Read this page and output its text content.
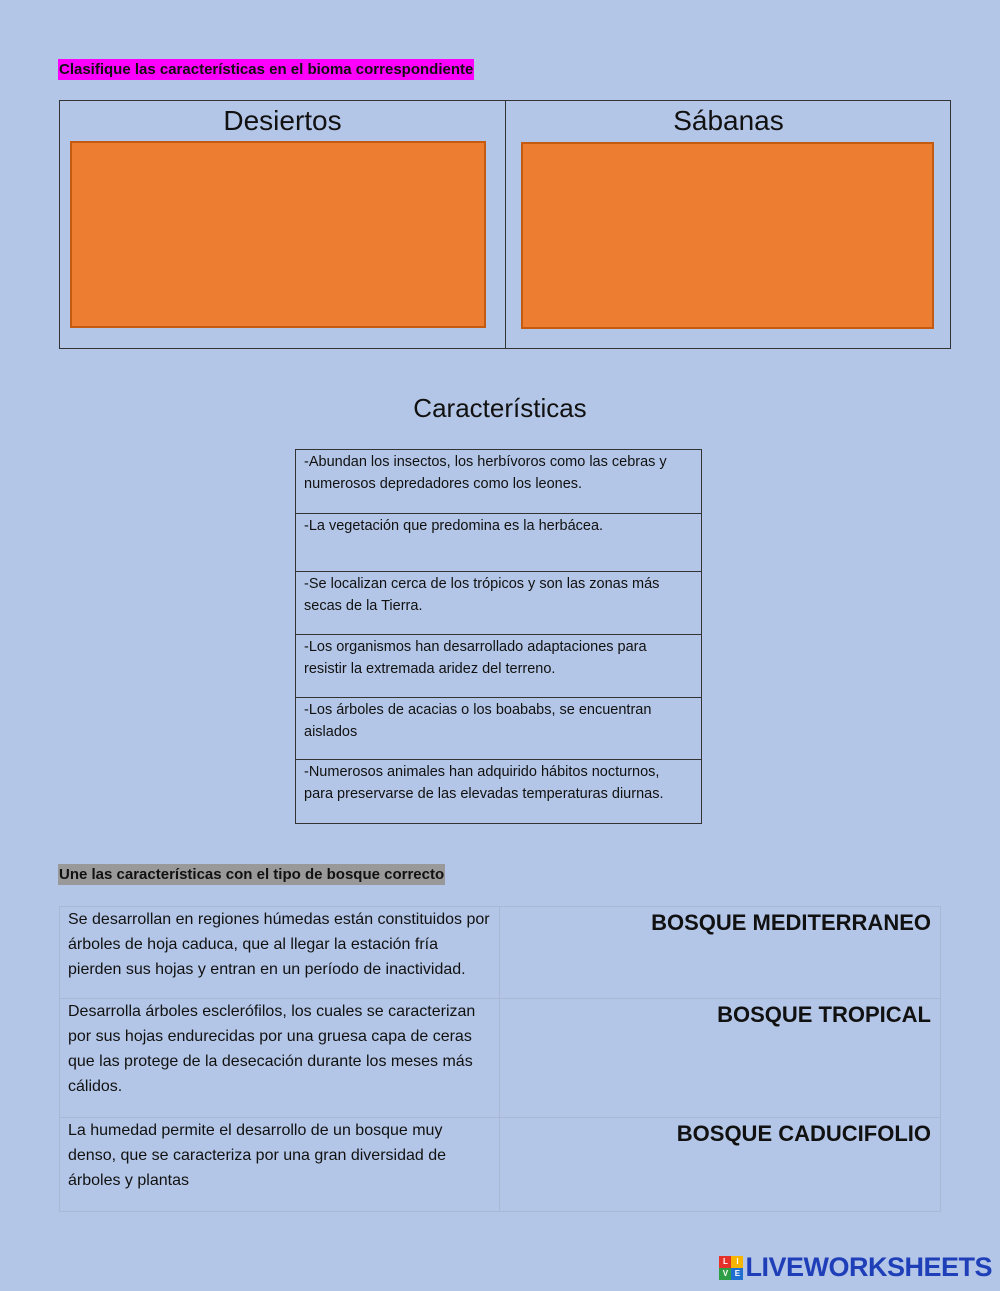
Clasifique las características en el bioma correspondiente
Desiertos	Sábanas
Características
-Abundan los insectos, los herbívoros como las cebras y numerosos depredadores como los leones.
-La vegetación que predomina es la herbácea.
-Se localizan cerca de los trópicos y son las zonas más secas de la Tierra.
-Los organismos han desarrollado adaptaciones para resistir la extremada aridez del terreno.
-Los árboles de acacias o los boababs, se encuentran aislados
-Numerosos animales han adquirido hábitos nocturnos, para preservarse de las elevadas temperaturas diurnas.
Une las características con el tipo de bosque correcto
Se desarrollan en regiones húmedas están constituidos por árboles de hoja caduca, que al llegar la estación fría pierden sus hojas y entran en un período de inactividad.
BOSQUE MEDITERRANEO
Desarrolla árboles esclerófilos, los cuales se caracterizan por sus hojas endurecidas por una gruesa capa de ceras que las protege de la desecación durante los meses más cálidos.
BOSQUE TROPICAL
La humedad permite el desarrollo de un bosque muy denso, que se caracteriza por una gran diversidad de árboles y plantas
BOSQUE CADUCIFOLIO
L	I
V E LIVEWORKSHEETS
